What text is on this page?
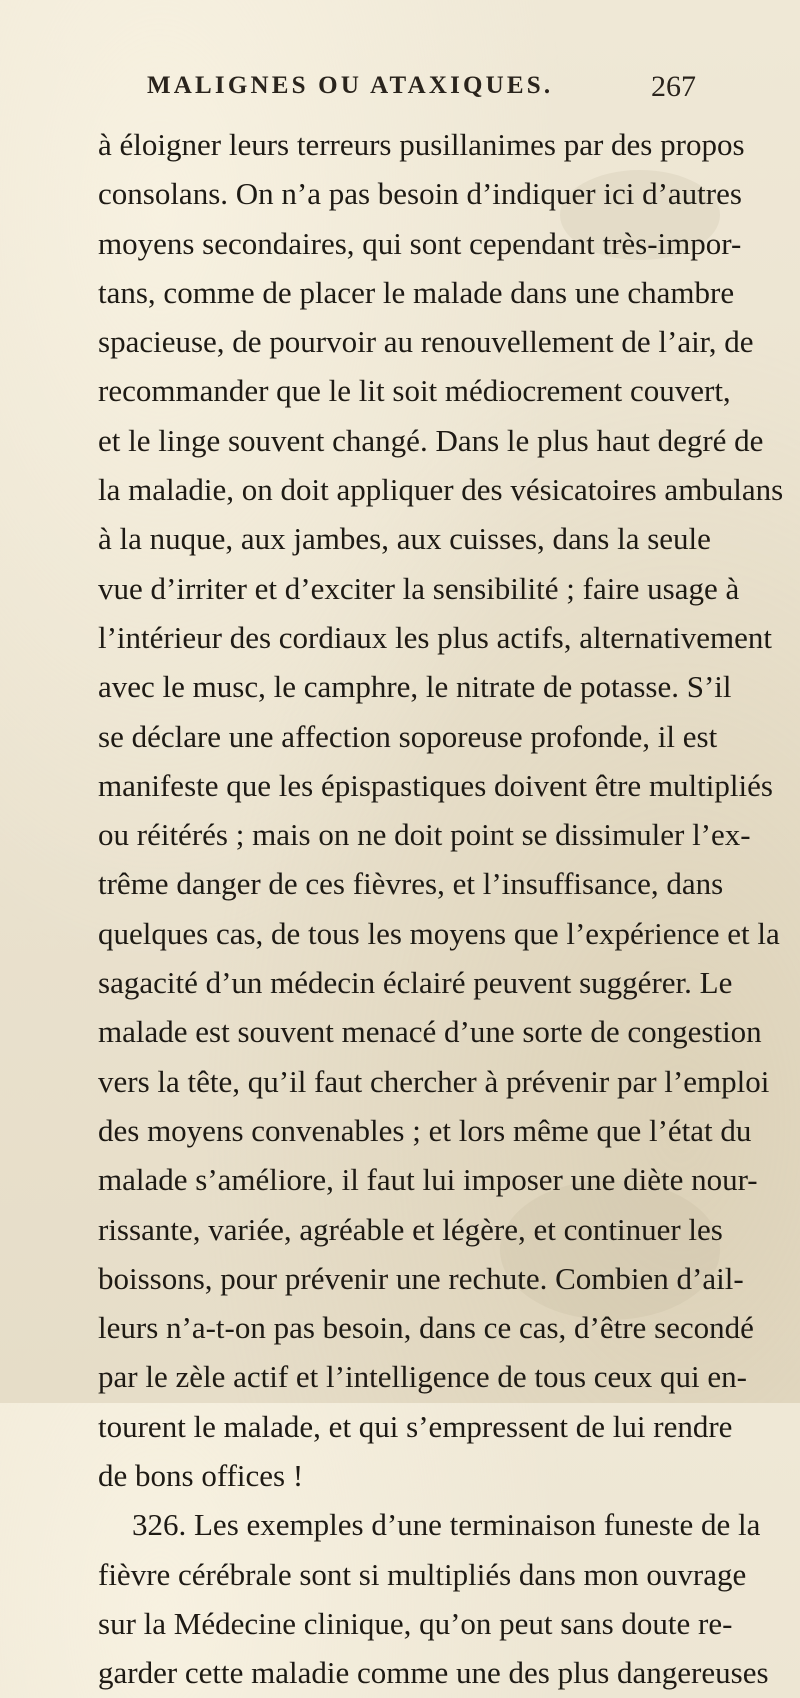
MALIGNES OU ATAXIQUES.	267
à éloigner leurs terreurs pusillanimes par des propos
consolans. On n’a pas besoin d’indiquer ici d’autres
moyens secondaires, qui sont cependant très-impor-
tans, comme de placer le malade dans une chambre
spacieuse, de pourvoir au renouvellement de l’air, de
recommander que le lit soit médiocrement couvert,
et le linge souvent changé. Dans le plus haut degré de
la maladie, on doit appliquer des vésicatoires ambulans
à la nuque, aux jambes, aux cuisses, dans la seule
vue d’irriter et d’exciter la sensibilité ; faire usage à
l’intérieur des cordiaux les plus actifs, alternativement
avec le musc, le camphre, le nitrate de potasse. S’il
se déclare une affection soporeuse profonde, il est
manifeste que les épispastiques doivent être multipliés
ou réitérés ; mais on ne doit point se dissimuler l’ex-
trême danger de ces fièvres, et l’insuffisance, dans
quelques cas, de tous les moyens que l’expérience et la
sagacité d’un médecin éclairé peuvent suggérer. Le
malade est souvent menacé d’une sorte de congestion
vers la tête, qu’il faut chercher à prévenir par l’emploi
des moyens convenables ; et lors même que l’état du
malade s’améliore, il faut lui imposer une diète nour-
rissante, variée, agréable et légère, et continuer les
boissons, pour prévenir une rechute. Combien d’ail-
leurs n’a-t-on pas besoin, dans ce cas, d’être secondé
par le zèle actif et l’intelligence de tous ceux qui en-
tourent le malade, et qui s’empressent de lui rendre
de bons offices !
326. Les exemples d’une terminaison funeste de la
fièvre cérébrale sont si multipliés dans mon ouvrage
sur la Médecine clinique, qu’on peut sans doute re-
garder cette maladie comme une des plus dangereuses
